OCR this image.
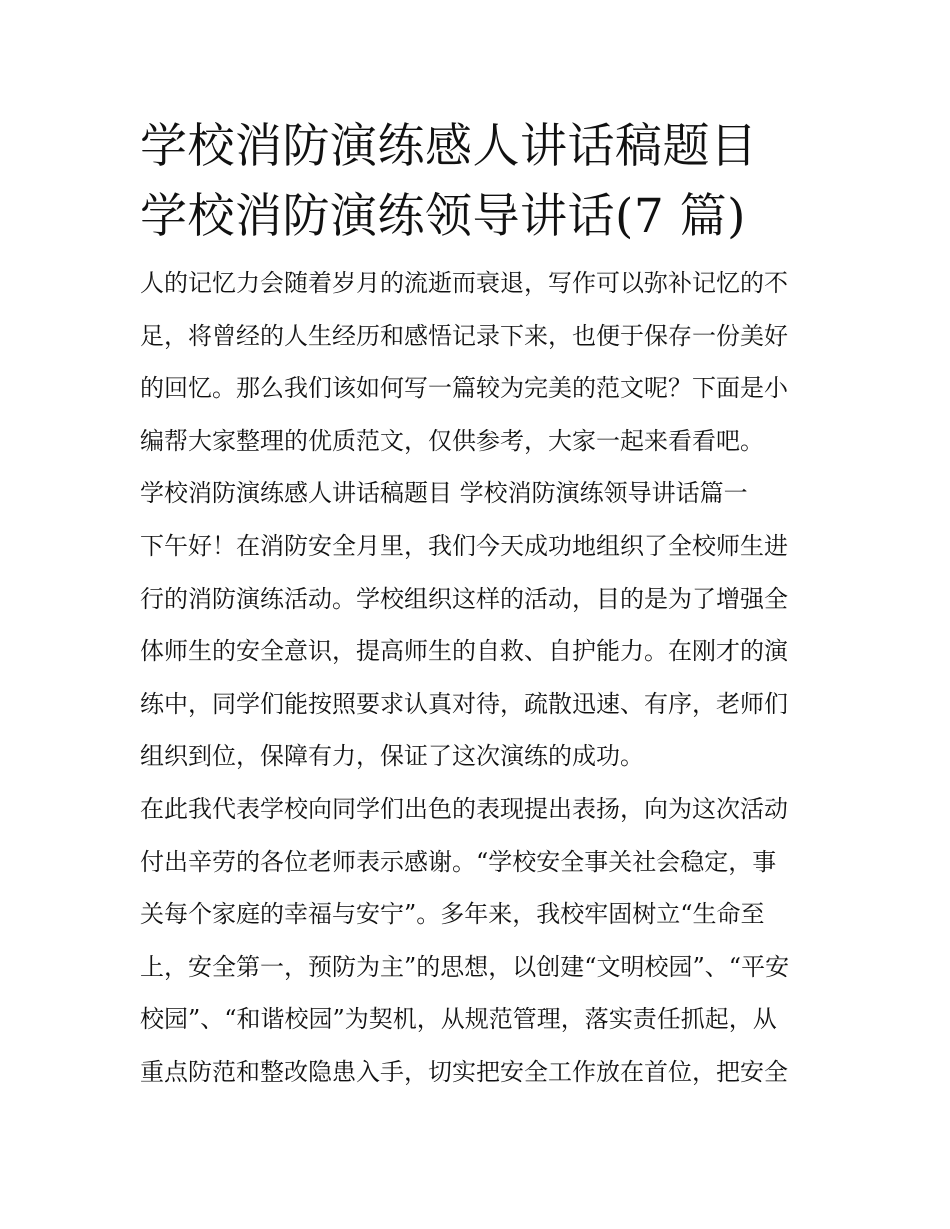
学校消防演练感人讲话稿题目
学校消防演练领导讲话(7 篇)
人的记忆力会随着岁月的流逝而衰退，写作可以弥补记忆的不
足，将曾经的人生经历和感悟记录下来，也便于保存一份美好
的回忆。那么我们该如何写一篇较为完美的范文呢？下面是小
编帮大家整理的优质范文，仅供参考，大家一起来看看吧。
学校消防演练感人讲话稿题目 学校消防演练领导讲话篇一
下午好！在消防安全月里，我们今天成功地组织了全校师生进
行的消防演练活动。学校组织这样的活动，目的是为了增强全
体师生的安全意识，提高师生的自救、自护能力。在刚才的演
练中，同学们能按照要求认真对待，疏散迅速、有序，老师们
组织到位，保障有力，保证了这次演练的成功。
在此我代表学校向同学们出色的表现提出表扬，向为这次活动
付出辛劳的各位老师表示感谢。“学校安全事关社会稳定，事
关每个家庭的幸福与安宁”。多年来，我校牢固树立“生命至
上，安全第一，预防为主”的思想，以创建“文明校园”、“平安
校园”、“和谐校园”为契机，从规范管理，落实责任抓起，从
重点防范和整改隐患入手，切实把安全工作放在首位，把安全
